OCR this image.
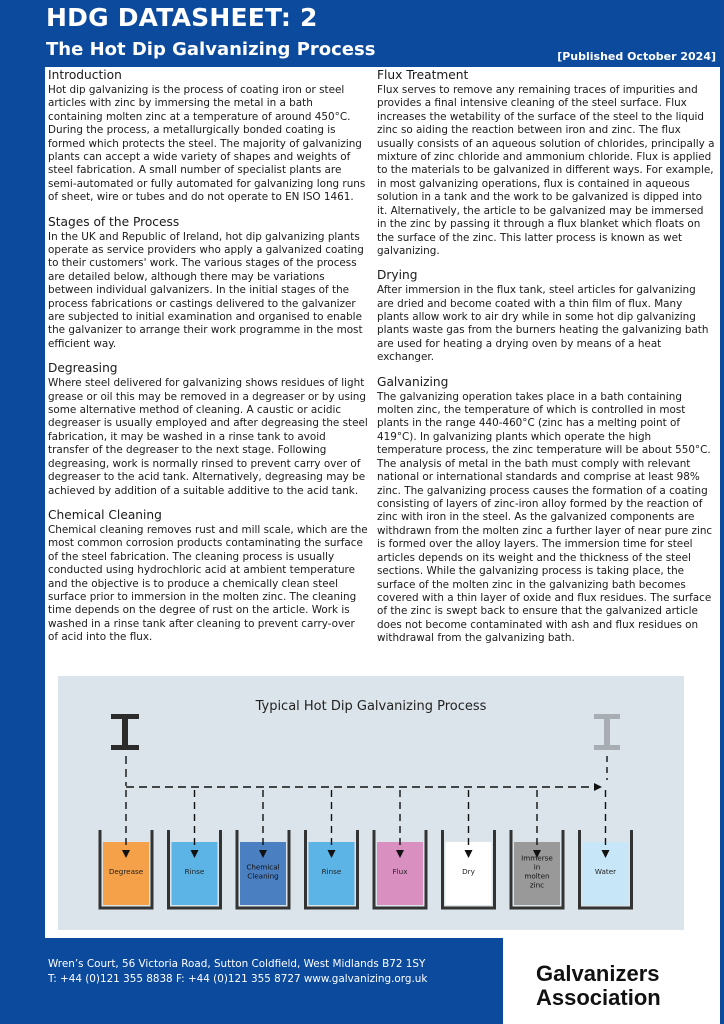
HDG DATASHEET: 2
The Hot Dip Galvanizing Process	[Published October 2024]

Introduction

Hot dip galvanizing is the process of coating iron or steel articles with zinc by immersing the metal in a bath containing molten zinc at a temperature of around 450°C. During the process, a metallurgically bonded coating is formed which protects the steel. The majority of galvanizing plants can accept a wide variety of shapes and weights of steel fabrication. A small number of specialist plants are semi-automated or fully automated for galvanizing long runs of sheet, wire or tubes and do not operate to EN ISO 1461.

Stages of the Process

In the UK and Republic of Ireland, hot dip galvanizing plants operate as service providers who apply a galvanized coating to their customers' work. The various stages of the process are detailed below, although there may be variations between individual galvanizers. In the initial stages of the process fabrications or castings delivered to the galvanizer are subjected to initial examination and organised to enable the galvanizer to arrange their work programme in the most efficient way.

Degreasing

Where steel delivered for galvanizing shows residues of light grease or oil this may be removed in a degreaser or by using some alternative method of cleaning. A caustic or acidic degreaser is usually employed and after degreasing the steel fabrication, it may be washed in a rinse tank to avoid transfer of the degreaser to the next stage. Following degreasing, work is normally rinsed to prevent carry over of degreaser to the acid tank. Alternatively, degreasing may be achieved by addition of a suitable additive to the acid tank.

Chemical Cleaning

Chemical cleaning removes rust and mill scale, which are the most common corrosion products contaminating the surface of the steel fabrication. The cleaning process is usually conducted using hydrochloric acid at ambient temperature and the objective is to produce a chemically clean steel surface prior to immersion in the molten zinc. The cleaning time depends on the degree of rust on the article. Work is washed in a rinse tank after cleaning to prevent carry-over of acid into the flux.

Flux Treatment

Flux serves to remove any remaining traces of impurities and provides a final intensive cleaning of the steel surface. Flux increases the wetability of the surface of the steel to the liquid zinc so aiding the reaction between iron and zinc. The flux usually consists of an aqueous solution of chlorides, principally a mixture of zinc chloride and ammonium chloride. Flux is applied to the materials to be galvanized in different ways. For example, in most galvanizing operations, flux is contained in aqueous solution in a tank and the work to be galvanized is dipped into it. Alternatively, the article to be galvanized may be immersed in the zinc by passing it through a flux blanket which floats on the surface of the zinc. This latter process is known as wet galvanizing.

Drying

After immersion in the flux tank, steel articles for galvanizing are dried and become coated with a thin film of flux. Many plants allow work to air dry while in some hot dip galvanizing plants waste gas from the burners heating the galvanizing bath are used for heating a drying oven by means of a heat exchanger.

Galvanizing

The galvanizing operation takes place in a bath containing molten zinc, the temperature of which is controlled in most plants in the range 440-460°C (zinc has a melting point of 419°C). In galvanizing plants which operate the high temperature process, the zinc temperature will be about 550°C. The analysis of metal in the bath must comply with relevant national or international standards and comprise at least 98% zinc. The galvanizing process causes the formation of a coating consisting of layers of zinc-iron alloy formed by the reaction of zinc with iron in the steel. As the galvanized components are withdrawn from the molten zinc a further layer of near pure zinc is formed over the alloy layers. The immersion time for steel articles depends on its weight and the thickness of the steel sections. While the galvanizing process is taking place, the surface of the molten zinc in the galvanizing bath becomes covered with a thin layer of oxide and flux residues. The surface of the zinc is swept back to ensure that the galvanized article does not become contaminated with ash and flux residues on withdrawal from the galvanizing bath.

Typical Hot Dip Galvanizing Process
Degrease	Rinse	Chemical Cleaning	Rinse	Flux	Dry
Immerse in molten zinc
Water
Wren’s Court, 56 Victoria Road, Sutton Coldfield, West Midlands B72 1SY
T: +44 (0)121 355 8838 F: +44 (0)121 355 8727 www.galvanizing.org.uk	Galvanizers
Association
